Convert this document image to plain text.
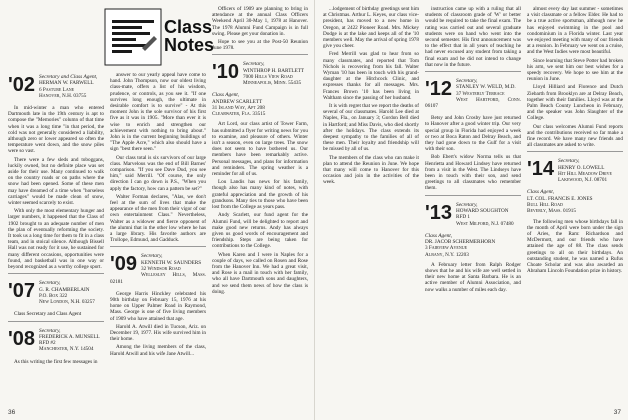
'02 Secretary and Class Agent,
HERMAN W. FARWELL
6 Pasture Lane
Hanover, N.H. 03755

In mid-winter a man who entered Dartmouth late in the 19th century is apt to compose the "Memories" column of that time when it was a long time "in that period, the cold was not generally considered a liability, although zero or lower appeared so often the temperature went down, and the snow piles were so vast.

There were a few sleds and toboggans, luckily owned, but no definite place was set aside for their use. Many continued to walk on the country roads or on paths where the snow had been opened. Some of these men may have dreamed of a time when "horseless carriages" would be made clean of snow, winter seemed scarcely to exist.

With only the most elementary hunger and larger numbers, it happened that the Class of 1902 brought to an adequate number of men the plan of eventually reforming the society. It took us a long time for them to fit in a class team, and in stoical silence. Although Bissell Hall was not ready for it use, he sustained for many different occasions, opportunities were found, and basketball was in one way or beyond recognized as a worthy college sport.

'07 Secretary,
G. R. CHAMBERLAIN
P.O. Box 322
New London, N.H. 03257

Class Secretary and Class Agent

'08 Secretary,
FREDERICK A. MUNSELL
RFD #2
Manchester, N.Y. 14504

As this writing the first few messages in

Class
Notes

answer to our yearly appeal have come to hand. John Thompson, now our oldest living class-mate, offers a list of his wisdom, prudence, or controls, as you see it. "If one survives long enough, the ultimate in desirable comfort is to survive" - At this moment John is the sole survivor of his first five as it was in 1905. "More than ever it is wise to enrich and strengthen our achievement with nothing to bring about." John is in the current beginning buildings of "The Apple Acre," which also should have a sign "best there seen."

Our class total is six survivors of our large class. Marvelous was the end of Bill Barnes' comparison. "If you see Dave Dud, you see him," said Merrill. "Of course, the only direction I can go down is P.S., "When you apply the factory, how can a pattern be set?"

Walter Forman declares, "Alas, we don't feel at the sum of lives that make the appearance of the men from their vigor of our own entertainment Class." Nevertheless, Walter as a widower and fierce opponent of the alumni that in the other low where he has a large library. His favorite authors are Trollope, Edmund, and Gadduck.

'09 Secretary,
KENNETH W. SAUNDERS
32 Windsor Road
Wellesley Hills, Mass. 02181

George Harris Hinckley celebrated his 90th birthday on February 15, 1976 at his home on Upper Palmer Road in Raymond, Mass. George is one of five living members of 1909 who have attained that age.

Harold A. Atwill died in Tucson, Ariz. on December 19, 1977. His wife survived him in their home.

Among the living members of the class, Harold Atwill and his wife Jane Atwill...

Officers of 1909 are planning to bring in attendance at the annual Class Officers Weekend April 30-May 1, 1978 at Hanover. The 1978 Alumni Fund Campaign is in full swing. Please get your donation in.

Hope to see you at the Post-50 Reunion June 1978.

'10 Secretary,
WINTHROP H. BARTLETT
7000 Hills View Road
Minneapolis, Minn. 55435
Class Agent,
ANDREW SCARLETT
31 Island Way, Apt 208
Clearwater, Fla. 33515

Art Lord, our class artist of Tower Farm, has submitted a flyer for writing news for you to examine, and pleasure of others. Winter isn't a season, even on large trees. The snow does not seem to have bothered us. Our members have been remarkably active. Personal messages, and plans for information and reminders. The spring weather is a reminder for all of us.

Lou Landis has news for his family, though also has many kind of notes, with grateful appreciation and the growth of his grandsons. Many ties to those who have been lost from the College as years pass.

Andy Scarlett, our fund agent for the Alumni Fund, will be delighted to report and make good new returns. Andy has always given us good words of encouragement and friendship. Steps are being taken for contributions to the College.

When Karen and I were in Naples for a couple of days, we called on Rosen and Rose from the Hanover Inn. We had a great visit, and Rose is a mail in touch with her family, who all have Dartmouth sons and daughters, and we send them news of how the class is doing.

36

...lodgement of birthday greetings sent him at Christmas. Arthur L. Keyes, our class vice-president, has moved to a new home in Oregon, at 2422 Pioneer Road. Mrs. Mickey Dodge is at the lake and keeps all of the '10 members well. May the arrival of spring 1978 give you cheer.

Fred Merrill was glad to hear from so many classmates, and reported that Tom Nichols is recovering from his fall. Walter Wyman '10 has been in touch with his grand-daughter at the Hitchcock Clinic, and expresses thanks for all messages. Mrs. Frances Brown '10 has been living in Waltham since the passing of her husband.

It is with regret that we report the deaths of several of our classmates. Harold Lee died at Naples, Fla., on January 3; Gordon Bell died in Hartford; and Miss Davis, who died shortly after the holidays. The class extends its deepest sympathy to the families of all of these men. Their loyalty and friendship will be missed by all of us.

The members of the class who can make it plan to attend the Reunion in June. We hope that many will come to Hanover for this occasion and join in the activities of the week.

instruction came up with a ruling that all students of classroom grade of 'W' or better would be required to take the final exam. The rating was carried out and several graduate students were on hand who went into the second semester. His first announcement was to the effect that in all years of teaching he had never excused any student from taking a final exam and he did not intend to change that now in the future.

'12 Secretary,
STANLEY W. WELD, M.D.
37 Westerly Terrace
West Hartford, Conn. 06107

Betsy and John Crosby have just returned to Hanover after a good winter trip. Our very special group in Florida had enjoyed a week or two at Boca Raton and Delray Beach, and they had gone down to the Gulf for a visit with their son.

Bob Ebert's widow Norma tells us that Henrietta and Howard Lindsey have returned from a visit in the West. The Lindseys have been in touch with their son, and send greetings to all classmates who remember them.

'13 Secretary,
HOWARD SOUGHTON
RFD 1
West Milford, N.J. 07480
Class Agent,
DR. JACOB SCHERMERHORN
3 Fairview Avenue
Albany, N.Y. 12203

A February letter from Ralph Rodger shows that he and his wife are well settled in their new home at Santa Barbara. He is an active member of Alumni Association, and now walks a number of miles each day.

almost every day last summer - sometimes a visit classmate or a fellow Elder. He had to be a true active sportsman, although now he has enjoyed swimming in the pool and condominium in a Florida winter. Last year we enjoyed meeting with many of our friends at a reunion. In February we went on a cruise, and the West Indies were most beautiful.

Since learning that Steve Potter had broken his arm, we sent him our best wishes for a speedy recovery. We hope to see him at the reunion in June.

Lloyd Hilliard and Florence and Dutch Ziebarth from Brooklyn are at Delray Beach, together with their families. Lloyd was at the Palm Beach County Luncheon in February, and the speaker was John Slaughter of the College.

Our class welcomes Alumni Fund reports and the contributions received so far make a fine record. We have many new friends and all classmates are asked to write.

'14 Secretary,
HENRY O. LOWELL
Hit Hill Meadow Drive
Lakewood, N.J. 08701
Class Agent,
LT. COL. FRANCIS E. JONES
Bull Hill Road
Beverly, Mass. 01915

The following men whose birthdays fall in the month of April were born under the sign of Aries, the Ram: Richardson and McDermott, and our friends who have attained the age of 88. The class sends greetings to all on their birthdays. An outstanding student, he was named a Rufus Choate Scholar and was also awarded an Abraham Lincoln Foundation prize in history.

37
